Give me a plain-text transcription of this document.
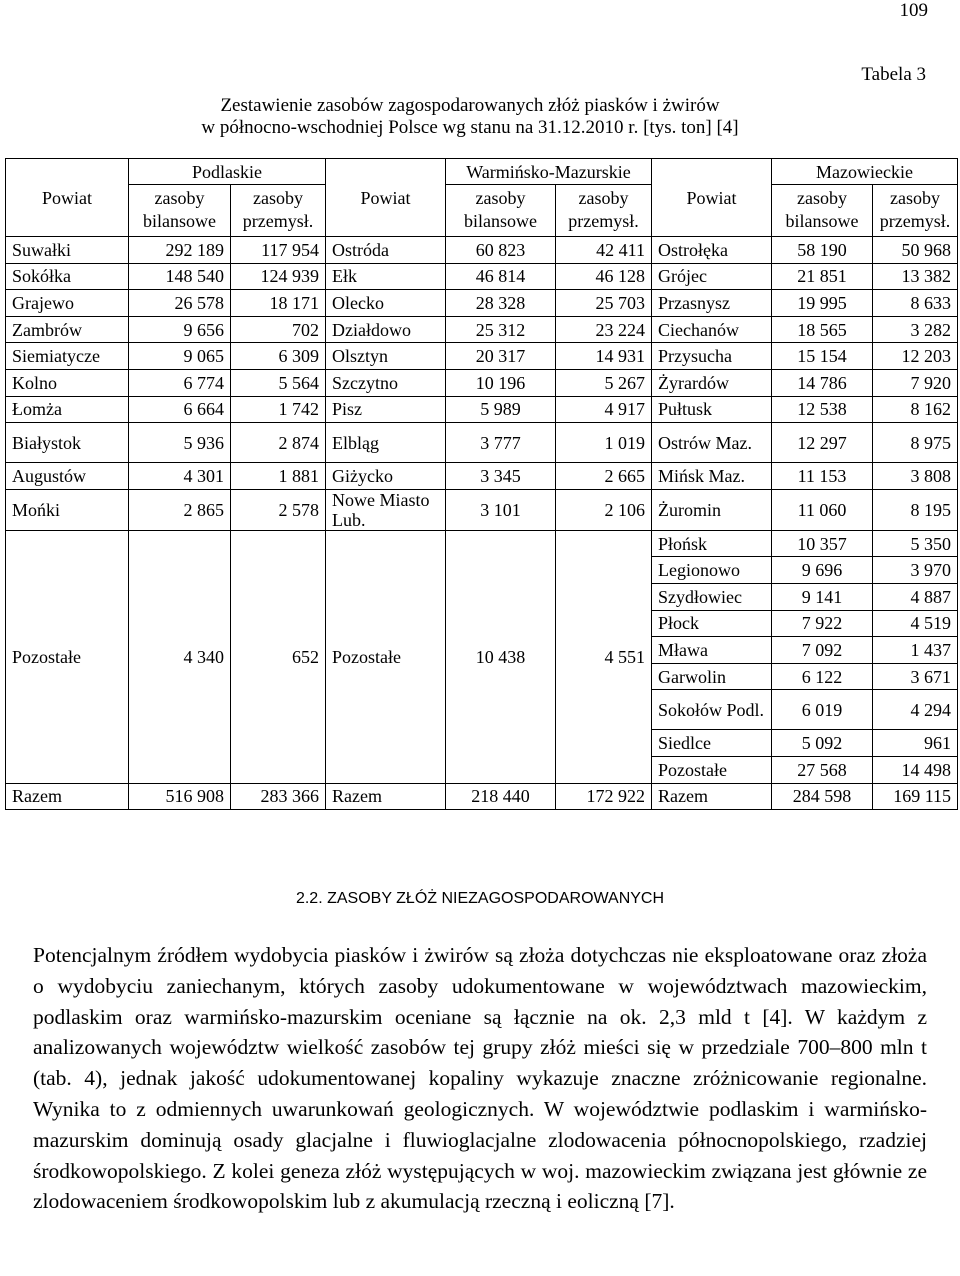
109
Tabela 3
Zestawienie zasobów zagospodarowanych złóż piasków i żwirów
w północno-wschodniej Polsce wg stanu na 31.12.2010 r. [tys. ton] [4]
Powiat	Podlaskie		Powiat	Warmińsko-Mazurskie		Powiat	Mazowieckie	
	zasoby	zasoby		zasoby	zasoby		zasoby	zasoby
	bilansowe	przemysł.		bilansowe	przemysł.		bilansowe	przemysł.
Suwałki	292 189	117 954	Ostróda	60 823	42 411	Ostrołęka	58 190	50 968
Sokółka	148 540	124 939	Ełk	46 814	46 128	Grójec	21 851	13 382
Grajewo	26 578	18 171	Olecko	28 328	25 703	Przasnysz	19 995	8 633
Zambrów	9 656	702	Działdowo	25 312	23 224	Ciechanów	18 565	3 282
Siemiatycze	9 065	6 309	Olsztyn	20 317	14 931	Przysucha	15 154	12 203
Kolno	6 774	5 564	Szczytno	10 196	5 267	Żyrardów	14 786	7 920
Łomża	6 664	1 742	Pisz	5 989	4 917	Pułtusk	12 538	8 162
Białystok	5 936	2 874	Elbląg	3 777	1 019	Ostrów Maz.	12 297	8 975
Augustów	4 301	1 881	Giżycko	3 345	2 665	Mińsk Maz.	11 153	3 808
Mońki	2 865	2 578	Nowe Miasto Lub.	3 101	2 106	Żuromin	11 060	8 195
Pozostałe	4 340	652	Pozostałe	10 438	4 551	Płońsk	10 357	5 350
						Legionowo	9 696	3 970
						Szydłowiec	9 141	4 887
						Płock	7 922	4 519
						Mława	7 092	1 437
						Garwolin	6 122	3 671
						Sokołów Podl.	6 019	4 294
						Siedlce	5 092	961
						Pozostałe	27 568	14 498
Razem	516 908	283 366	Razem	218 440	172 922	Razem	284 598	169 115
2.2. ZASOBY ZŁÓŻ NIEZAGOSPODAROWANYCH
Potencjalnym źródłem wydobycia piasków i żwirów są złoża dotychczas nie eksploatowane oraz złoża o wydobyciu zaniechanym, których zasoby udokumentowane w województwach mazowieckim, podlaskim oraz warmińsko-mazurskim oceniane są łącznie na ok. 2,3 mld t [4]. W każdym z analizowanych województw wielkość zasobów tej grupy złóż mieści się w przedziale 700–800 mln t (tab. 4), jednak jakość udokumentowanej kopaliny wykazuje znaczne zróżnicowanie regionalne. Wynika to z odmiennych uwarunkowań geologicznych. W województwie podlaskim i warmińsko-mazurskim dominują osady glacjalne i fluwioglacjalne zlodowacenia północnopolskiego, rzadziej środkowopolskiego. Z kolei geneza złóż występujących w woj. mazowieckim związana jest głównie ze zlodowaceniem środkowopolskim lub z akumulacją rzeczną i eoliczną [7].
